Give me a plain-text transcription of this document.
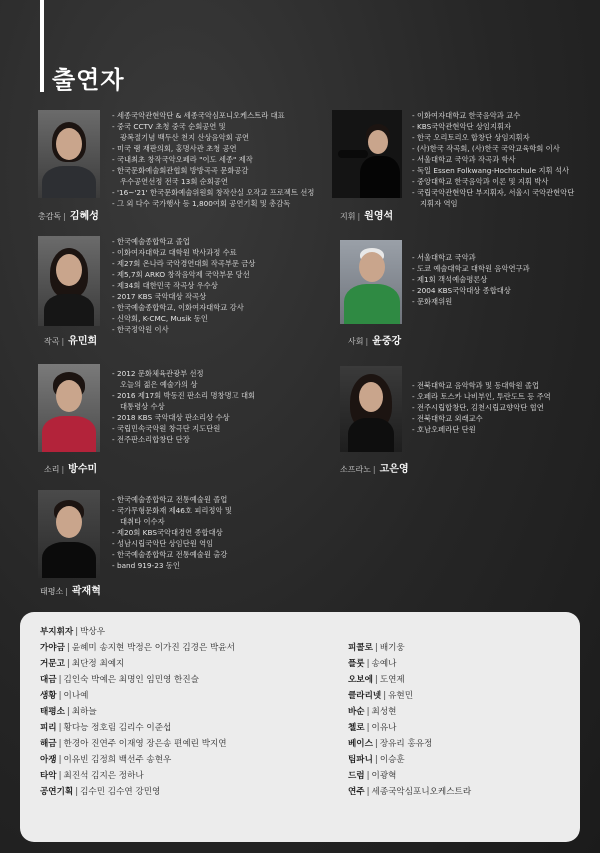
출연자
총감독 | 김혜성
- 세종국악관현악단 & 세종국악심포니오케스트라 대표
- 중국 CCTV 초청 중국 순회공연 및
광복절기념 백두산 천지 산상음악회 공연
- 미국 램 재판의회, 홍명사관 초청 공연
- 국내최초 창작국악오페라 "이도 세종" 제작
- 한국문화예술회관협회 방방곡곡 문화공감
우수공연선정 전국 13회 순회공연
- '16~'21' 한국문화예술위원회 창작산실 오작교 프로젝트 선정
- 그 외 다수 국가행사 등 1,800여회 공연기획 및 총감독
지휘 | 원영석
- 이화여자대학교 한국음악과 교수
- KBS국악관현악단 상임지휘자
- 한국 오리토리오 합창단 상임지휘자
- (사)한국 작곡회, (사)한국 국악교육학회 이사
- 서울대학교 국악과 작곡과 학사
- 독일 Essen Folkwang-Hochschule 지휘 석사
- 중앙대학교 한국음악과 이론 및 지휘 박사
- 국립국악관현악단 부지휘자, 서울시 국악관현악단
지휘자 역임
작곡 | 유민희
- 한국예술종합학교 졸업
- 이화여자대학교 대학원 박사과정 수료
- 제27회 온나라 국악경연대회 작곡부문 금상
- 제5,7회 ARKO 창작음악제 국악부문 당선
- 제34회 대한민국 작곡상 우수상
- 2017 KBS 국악대상 작곡상
- 한국예술종합학교, 이화여자대학교 강사
- 신악회, K-CMC, Musik 동인
- 한국정악원 이사
사회 | 윤중강
- 서울대학교 국악과
- 도쿄 예술대학교 대학원 음악연구과
- 제1회 객석예술평론상
- 2004 KBS국악대상 종합대상
- 문화재위원
소리 | 방수미
- 2012 문화체육관광부 선정
오늘의 젊은 예술가의 상
- 2016 제17회 박동진 판소리 명창명고 대회
대통령상 수상
- 2018 KBS 국악대상 판소리상 수상
- 국립민속국악원 창극단 지도단원
- 전주판소리합창단 단장
소프라노 | 고은영
- 전북대학교 음악학과 및 동대학원 졸업
- 오페라 토스카 나비부인, 투란도트 등 주역
- 전주시립합창단, 김천시립교향악단 협연
- 전북대학교 외래교수
- 호남오페라단 단원
태평소 | 곽재혁
- 한국예술종합학교 전통예술원 졸업
- 국가무형문화재 제46호 피리정악 및
대취타 이수자
- 제20회 KBS국악대경연 종합대상
- 성남시립국악단 상임단원 역임
- 한국예술종합학교 전통예술원 출강
- band 919-23 동인
부지휘자 | 박상우
가야금 | 윤혜미 송지현 박정은 이가진 김경은 박윤서
거문고 | 최단정 최예지
대금 | 김인숙 박예은 최명인 임민영 한진슬
생황 | 이나예
태평소 | 최하늘
피리 | 황다능 정호림 김리수 이준섭
해금 | 한경아 진연주 이재영 장은송 편예린 박지연
아쟁 | 이유빈 김정희 백선주 송현우
타악 | 최진석 김지은 정하나
공연기획 | 김수민 김수연 강민영
피콜로 | 배기웅
플룻 | 송예나
오보에 | 도연제
클라리넷 | 유현민
바순 | 최성현
첼로 | 이유나
베이스 | 장유리 홍유정
팀파니 | 이승훈
드럼 | 이광혁
연주 | 세종국악심포니오케스트라
